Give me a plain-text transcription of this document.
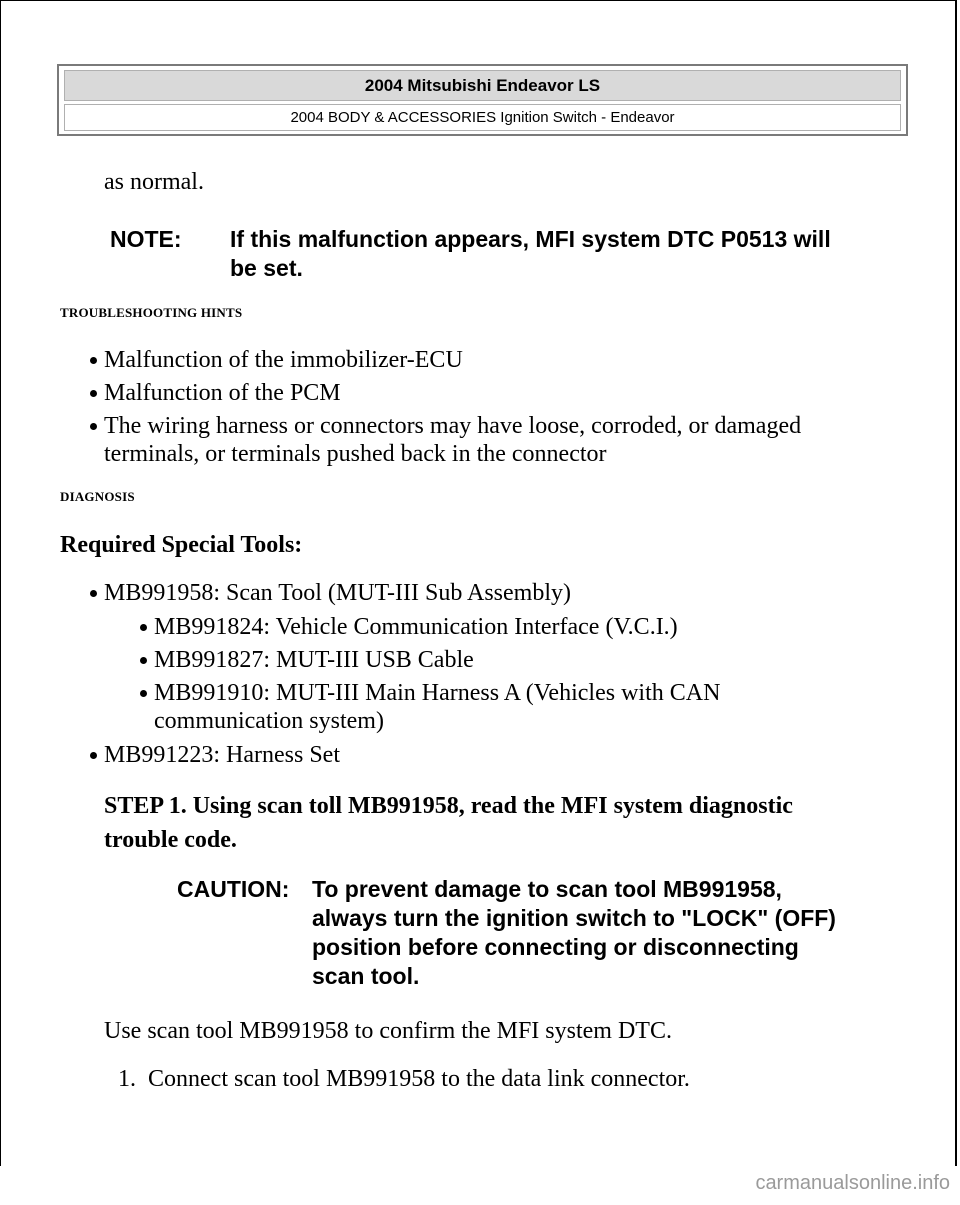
2004 Mitsubishi Endeavor LS
2004 BODY & ACCESSORIES Ignition Switch - Endeavor
as normal.
NOTE: If this malfunction appears, MFI system DTC P0513 will
be set.
TROUBLESHOOTING HINTS
Malfunction of the immobilizer-ECU
Malfunction of the PCM
The wiring harness or connectors may have loose, corroded, or damaged
terminals, or terminals pushed back in the connector
DIAGNOSIS
Required Special Tools:
MB991958: Scan Tool (MUT-III Sub Assembly)
MB991824: Vehicle Communication Interface (V.C.I.)
MB991827: MUT-III USB Cable
MB991910: MUT-III Main Harness A (Vehicles with CAN
communication system)
MB991223: Harness Set
STEP 1. Using scan toll MB991958, read the MFI system diagnostic
trouble code.
CAUTION: To prevent damage to scan tool MB991958,
always turn the ignition switch to "LOCK" (OFF)
position before connecting or disconnecting
scan tool.
Use scan tool MB991958 to confirm the MFI system DTC.
1.  Connect scan tool MB991958 to the data link connector.
carmanualsonline.info
